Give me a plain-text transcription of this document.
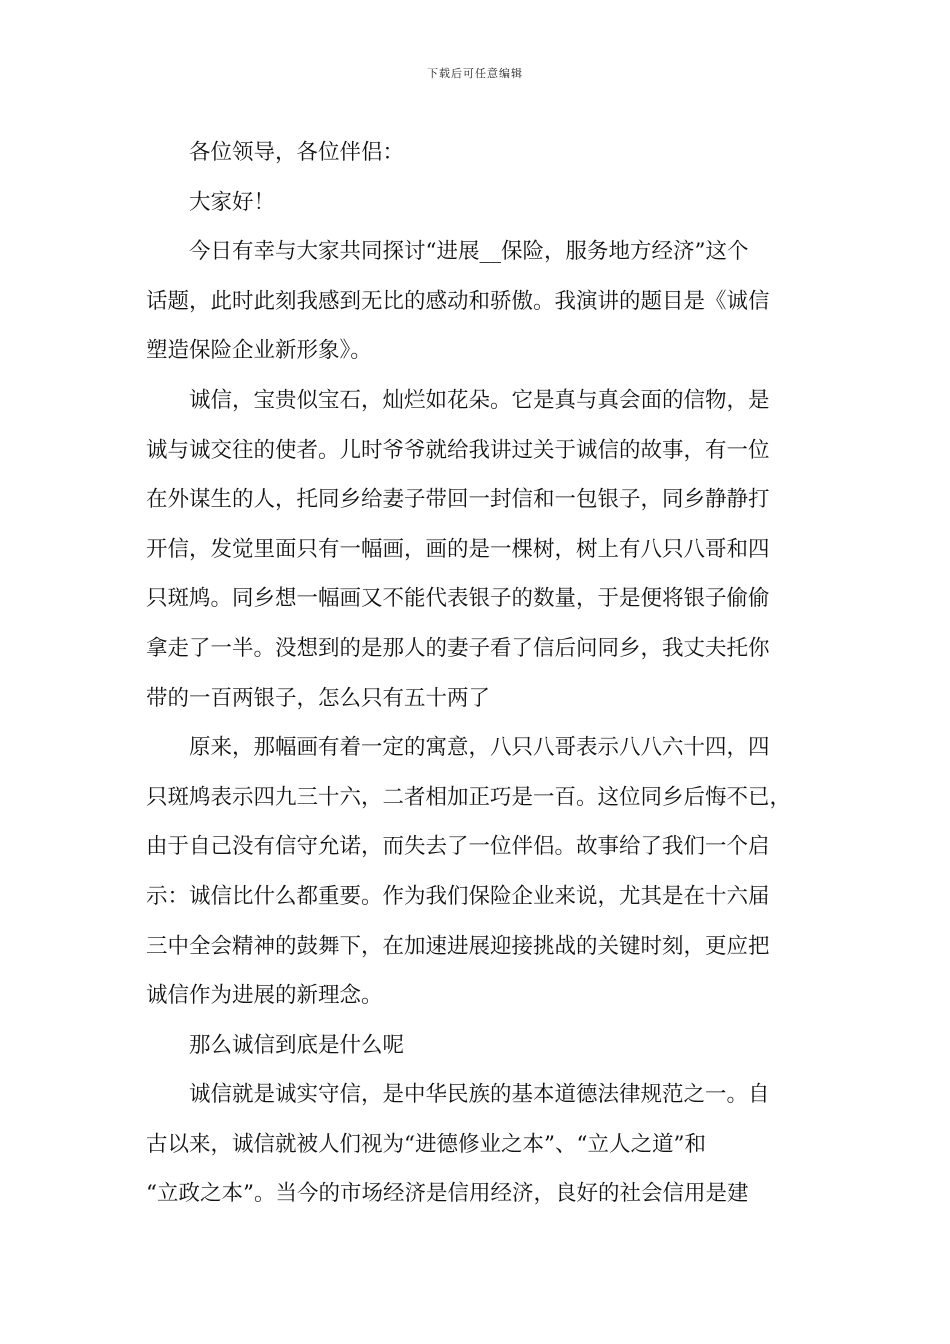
下载后可任意编辑
各位领导，各位伴侣：
大家好！
今日有幸与大家共同探讨“进展__保险，服务地方经济”这个
话题，此时此刻我感到无比的感动和骄傲。我演讲的题目是《诚信
塑造保险企业新形象》。
诚信，宝贵似宝石，灿烂如花朵。它是真与真会面的信物，是
诚与诚交往的使者。儿时爷爷就给我讲过关于诚信的故事，有一位
在外谋生的人，托同乡给妻子带回一封信和一包银子，同乡静静打
开信，发觉里面只有一幅画，画的是一棵树，树上有八只八哥和四
只斑鸠。同乡想一幅画又不能代表银子的数量，于是便将银子偷偷
拿走了一半。没想到的是那人的妻子看了信后问同乡，我丈夫托你
带的一百两银子，怎么只有五十两了
原来，那幅画有着一定的寓意，八只八哥表示八八六十四，四
只斑鸠表示四九三十六，二者相加正巧是一百。这位同乡后悔不已，
由于自己没有信守允诺，而失去了一位伴侣。故事给了我们一个启
示：诚信比什么都重要。作为我们保险企业来说，尤其是在十六届
三中全会精神的鼓舞下，在加速进展迎接挑战的关键时刻，更应把
诚信作为进展的新理念。
那么诚信到底是什么呢
诚信就是诚实守信，是中华民族的基本道德法律规范之一。自
古以来，诚信就被人们视为“进德修业之本”、“立人之道”和
“立政之本”。当今的市场经济是信用经济，良好的社会信用是建
